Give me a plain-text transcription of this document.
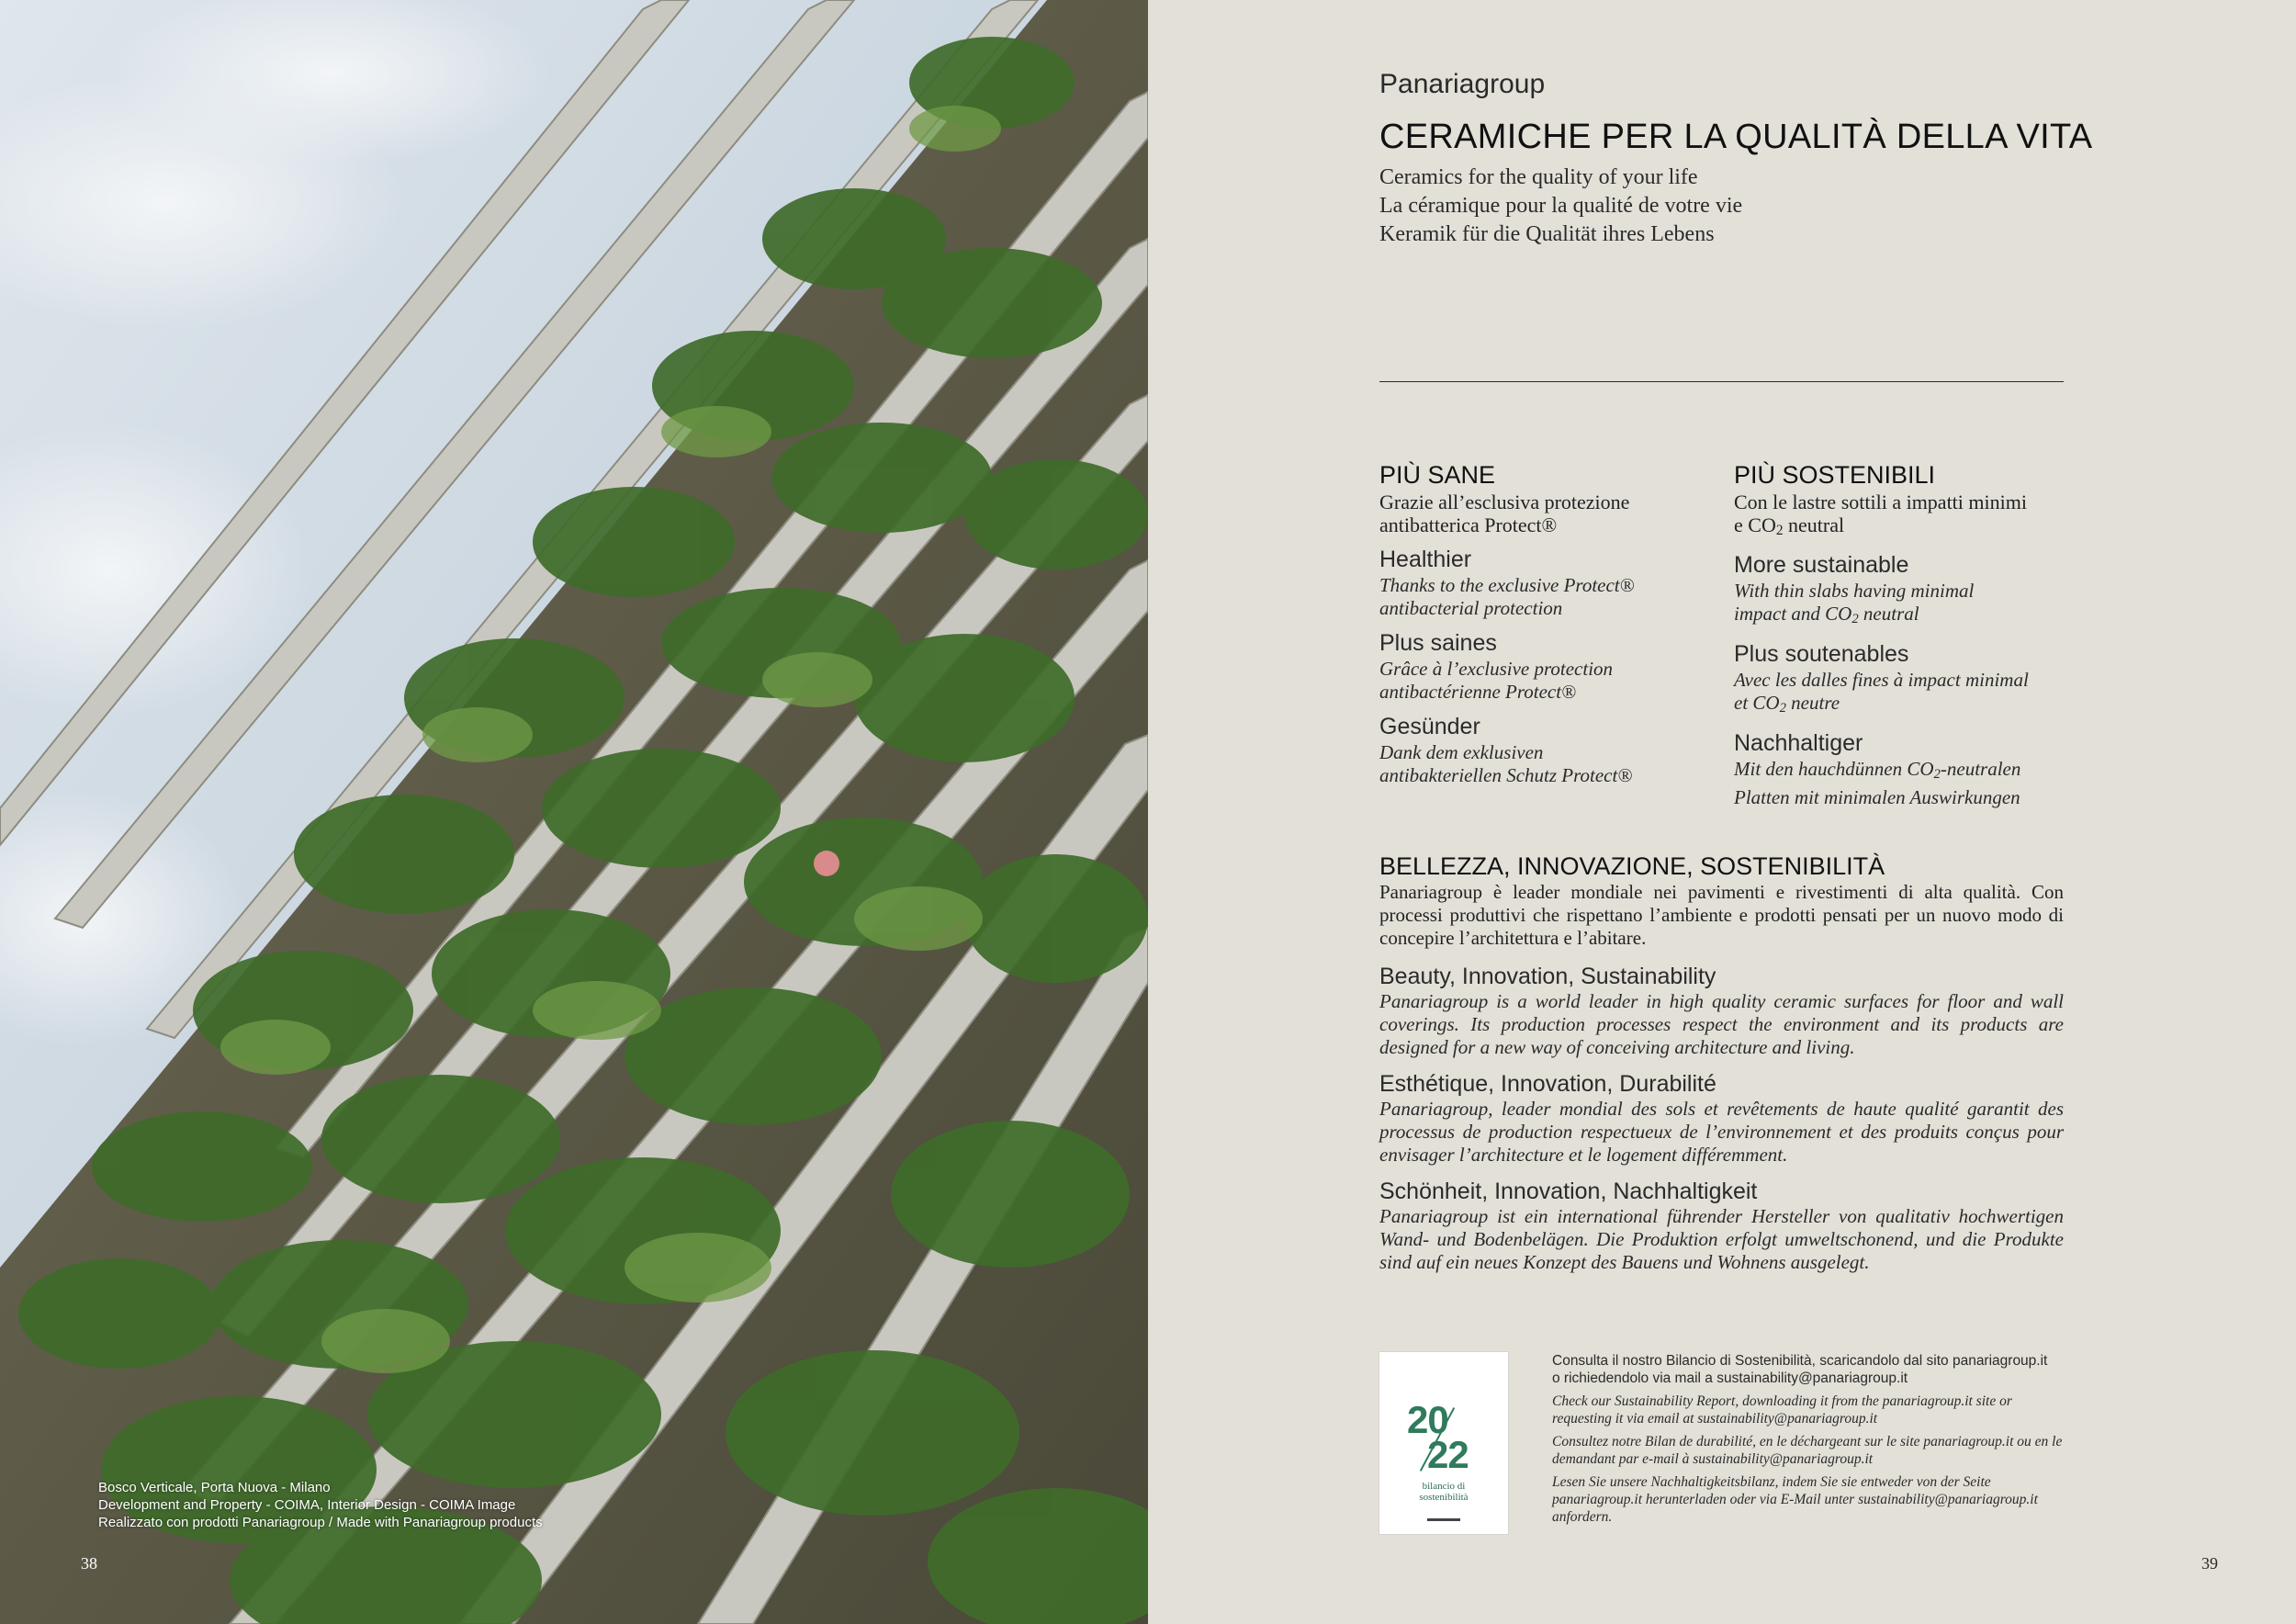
Bosco Verticale, Porta Nuova - Milano
Development and Property - COIMA, Interior Design - COIMA Image
Realizzato con prodotti Panariagroup / Made with Panariagroup products
38
Panariagroup
CERAMICHE PER LA QUALITÀ DELLA VITA
Ceramics for the quality of your life
La céramique pour la qualité de votre vie
Keramik für die Qualität ihres Lebens
PIÙ SANE
Grazie all’esclusiva protezione
antibatterica Protect®
Healthier
Thanks to the exclusive Protect®
antibacterial protection
Plus saines
Grâce à l’exclusive protection
antibactérienne Protect®
Gesünder
Dank dem exklusiven
antibakteriellen Schutz Protect®
PIÙ SOSTENIBILI
Con le lastre sottili a impatti minimi
e $CO_2$ neutral
More sustainable
With thin slabs having minimal
impact and $CO_2$ neutral
Plus soutenables
Avec les dalles fines à impact minimal
et $CO_2$ neutre
Nachhaltiger
Mit den hauchdünnen $CO_2$-neutralen
Platten mit minimalen Auswirkungen
BELLEZZA, INNOVAZIONE, SOSTENIBILITÀ
Panariagroup è leader mondiale nei pavimenti e rivestimenti di alta qualità. Con processi produttivi che rispettano l’ambiente e prodotti pensati per un nuovo modo di concepire l’architettura e l’abitare.
Beauty, Innovation, Sustainability
Panariagroup is a world leader in high quality ceramic surfaces for floor and wall coverings. Its production processes respect the environment and its products are designed for a new way of conceiving architecture and living.
Esthétique, Innovation, Durabilité
Panariagroup, leader mondial des sols et revêtements de haute qualité garantit des processus de production respectueux de l’environnement et des produits conçus pour envisager l’architecture et le logement différemment.
Schönheit, Innovation, Nachhaltigkeit
Panariagroup ist ein international führender Hersteller von qualitativ hochwertigen Wand- und Bodenbelägen. Die Produktion erfolgt umweltschonend, und die Produkte sind auf ein neues Konzept des Bauens und Wohnens ausgelegt.
20
22
bilancio di
sostenibilità

Consulta il nostro Bilancio di Sostenibilità, scaricandolo dal sito panariagroup.it
o richiedendolo via mail a sustainability@panariagroup.it

Check our Sustainability Report, downloading it from the panariagroup.it site or requesting it via email at sustainability@panariagroup.it

Consultez notre Bilan de durabilité, en le déchargeant sur le site panariagroup.it ou en le demandant par e-mail à sustainability@panariagroup.it

Lesen Sie unsere Nachhaltigkeitsbilanz, indem Sie sie entweder von der Seite panariagroup.it herunterladen oder via E-Mail unter sustainability@panariagroup.it anfordern.

39
